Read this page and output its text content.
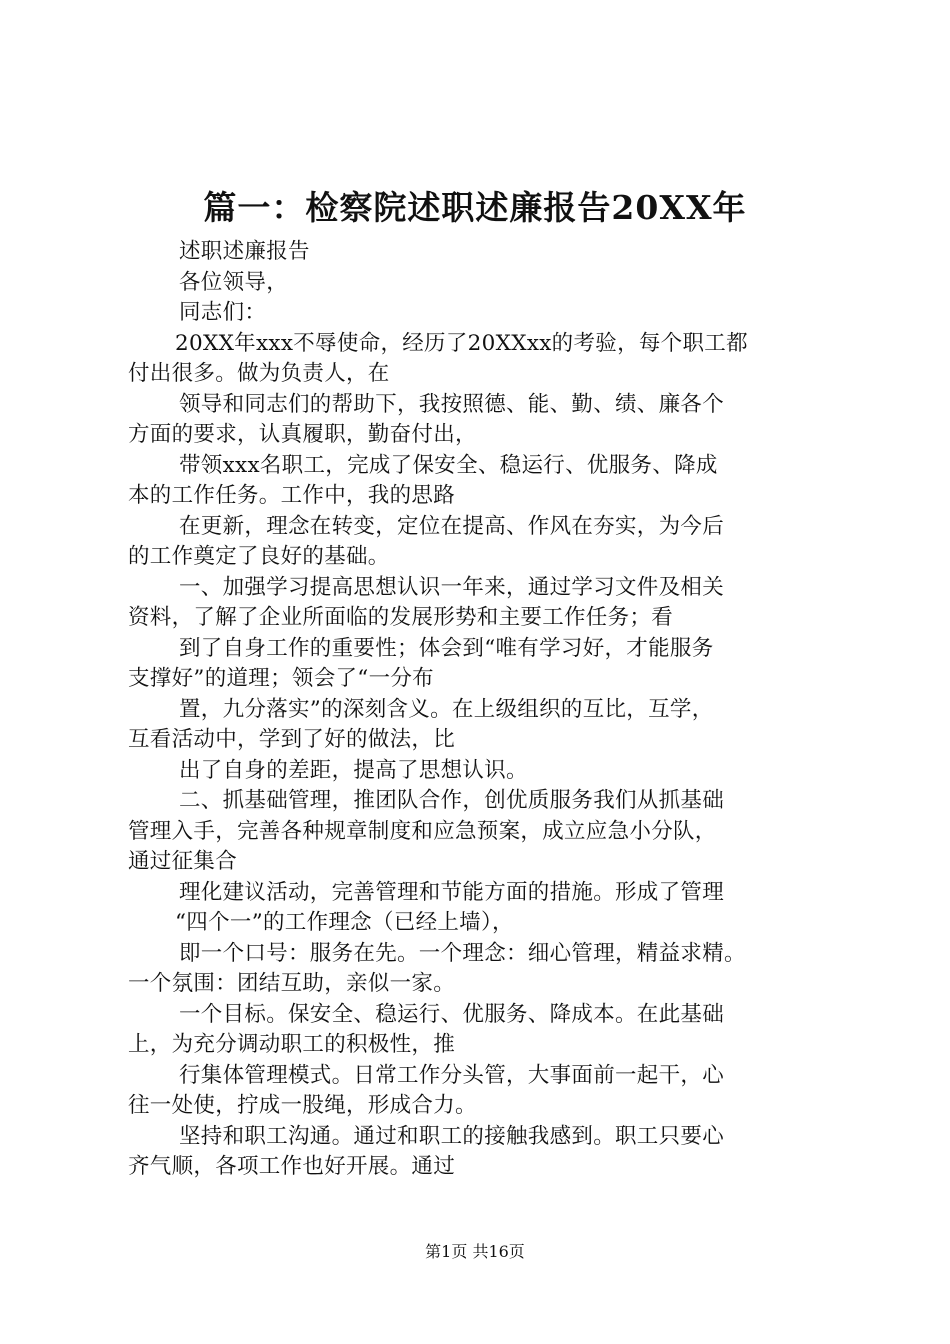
篇一：检察院述职述廉报告20XX年
述职述廉报告
各位领导，
同志们：
20XX年xxx不辱使命，经历了20XXxx的考验，每个职工都
付出很多。做为负责人，在
领导和同志们的帮助下，我按照德、能、勤、绩、廉各个
方面的要求，认真履职，勤奋付出，
带领xxx名职工，完成了保安全、稳运行、优服务、降成
本的工作任务。工作中，我的思路
在更新，理念在转变，定位在提高、作风在夯实，为今后
的工作奠定了良好的基础。
一、加强学习提高思想认识一年来，通过学习文件及相关
资料，了解了企业所面临的发展形势和主要工作任务；看
到了自身工作的重要性；体会到“唯有学习好，才能服务
支撑好”的道理；领会了“一分布
置，九分落实”的深刻含义。在上级组织的互比，互学，
互看活动中，学到了好的做法，比
出了自身的差距，提高了思想认识。
二、抓基础管理，推团队合作，创优质服务我们从抓基础
管理入手，完善各种规章制度和应急预案，成立应急小分队，
通过征集合
理化建议活动，完善管理和节能方面的措施。形成了管理
“四个一”的工作理念（已经上墙），
即一个口号：服务在先。一个理念：细心管理，精益求精。
一个氛围：团结互助，亲似一家。
一个目标。保安全、稳运行、优服务、降成本。在此基础
上，为充分调动职工的积极性，推
行集体管理模式。日常工作分头管，大事面前一起干，心
往一处使，拧成一股绳，形成合力。
坚持和职工沟通。通过和职工的接触我感到。职工只要心
齐气顺，各项工作也好开展。通过
第1页 共16页
